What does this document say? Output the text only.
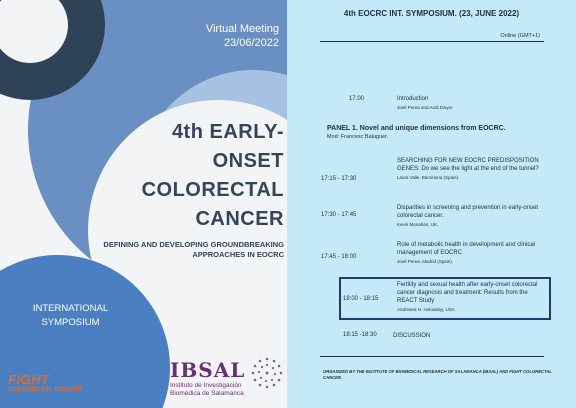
Virtual Meeting
23/06/2022
4th EARLY-
ONSET
COLORECTAL
CANCER
DEFINING AND DEVELOPING GROUNDBREAKING
APPROACHES IN EOCRC
INTERNATIONAL
SYMPOSIUM
FIGHT
COLORECTAL CANCER
IBSAL
Instituto de Investigación
Biomédica de Salamanca
4th EOCRC INT. SYMPOSIUM. (23, JUNE 2022)
Online (GMT+1)
17.00	Introduction
José Perea and Andi Dwyer
PANEL 1. Novel and unique dimensions from EOCRC.
Mod: Francesc Balaguer.
17:15 - 17:30
SEARCHING FOR NEW EOCRC PREDISPOSITION GENES: Do we see the light at the end of the tunnel?
Laura Valle, Barcelona (Spain).
17:30 - 17:45
Disparities in screening and prevention in early-onset colorectal cancer.
Kevin Monahan, UK.
17:45 - 18:00
Role of metabolic health in development and clinical management of EOCRC
José Perea. Madrid (Spain).
18:00 - 18:15
Fertility and sexual health after early-onset colorectal cancer diagnosis and treatment: Results from the REACT Study
Andreana N. Holowatyj, USA
18:15 -18:30	DISCUSSION
ORGANIZED BY THE INSTITUTE OF BIOMEDICAL RESEARCH OF SALAMANCA (IBSAL) AND FIGHT COLORECTAL CANCER.
